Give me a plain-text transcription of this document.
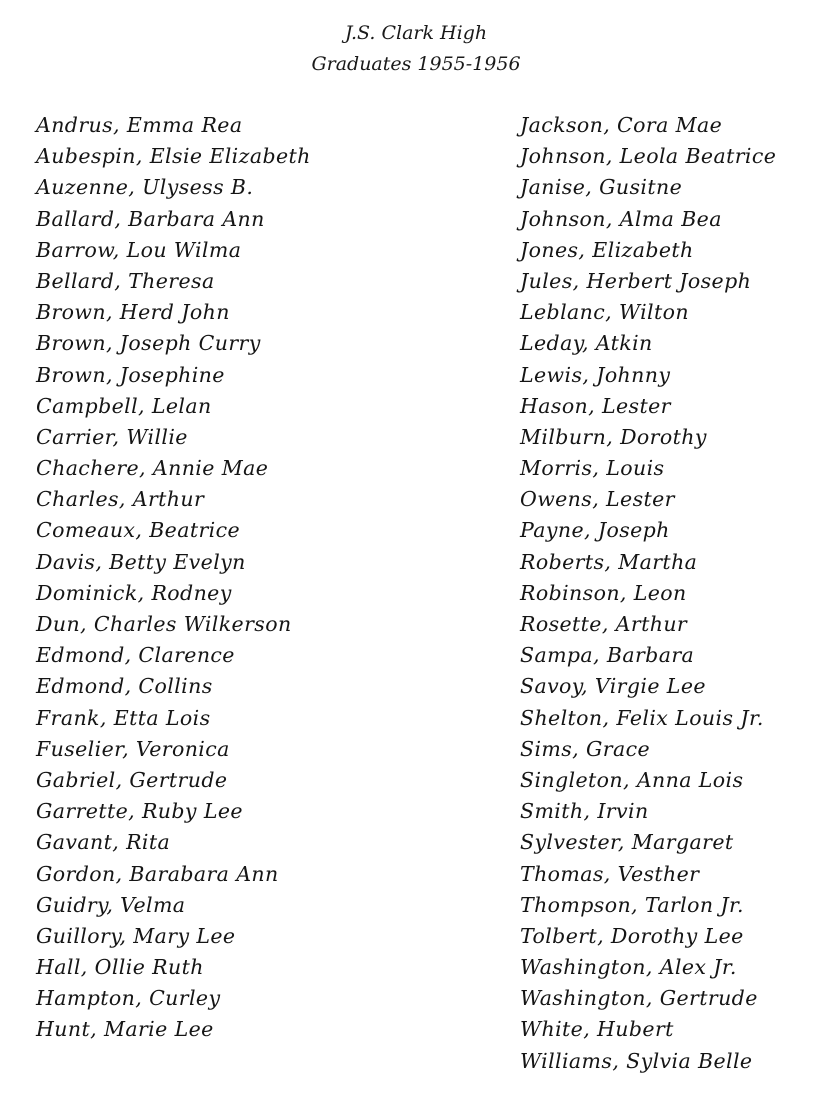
J.S. Clark High
Graduates 1955-1956
Andrus, Emma Rea
Aubespin, Elsie Elizabeth
Auzenne, Ulysess B.
Ballard, Barbara Ann
Barrow, Lou Wilma
Bellard, Theresa
Brown, Herd John
Brown, Joseph Curry
Brown, Josephine
Campbell, Lelan
Carrier, Willie
Chachere, Annie Mae
Charles, Arthur
Comeaux, Beatrice
Davis, Betty Evelyn
Dominick, Rodney
Dun, Charles Wilkerson
Edmond, Clarence
Edmond, Collins
Frank, Etta Lois
Fuselier, Veronica
Gabriel, Gertrude
Garrette, Ruby Lee
Gavant, Rita
Gordon, Barabara Ann
Guidry, Velma
Guillory, Mary Lee
Hall, Ollie Ruth
Hampton, Curley
Hunt, Marie Lee
Jackson, Cora Mae
Johnson, Leola Beatrice
Janise, Gusitne
Johnson, Alma Bea
Jones, Elizabeth
Jules, Herbert Joseph
Leblanc, Wilton
Leday, Atkin
Lewis, Johnny
Hason, Lester
Milburn, Dorothy
Morris, Louis
Owens, Lester
Payne, Joseph
Roberts, Martha
Robinson, Leon
Rosette, Arthur
Sampa, Barbara
Savoy, Virgie Lee
Shelton, Felix Louis Jr.
Sims, Grace
Singleton, Anna Lois
Smith, Irvin
Sylvester, Margaret
Thomas, Vesther
Thompson, Tarlon Jr.
Tolbert, Dorothy Lee
Washington, Alex Jr.
Washington, Gertrude
White, Hubert
Williams, Sylvia Belle
